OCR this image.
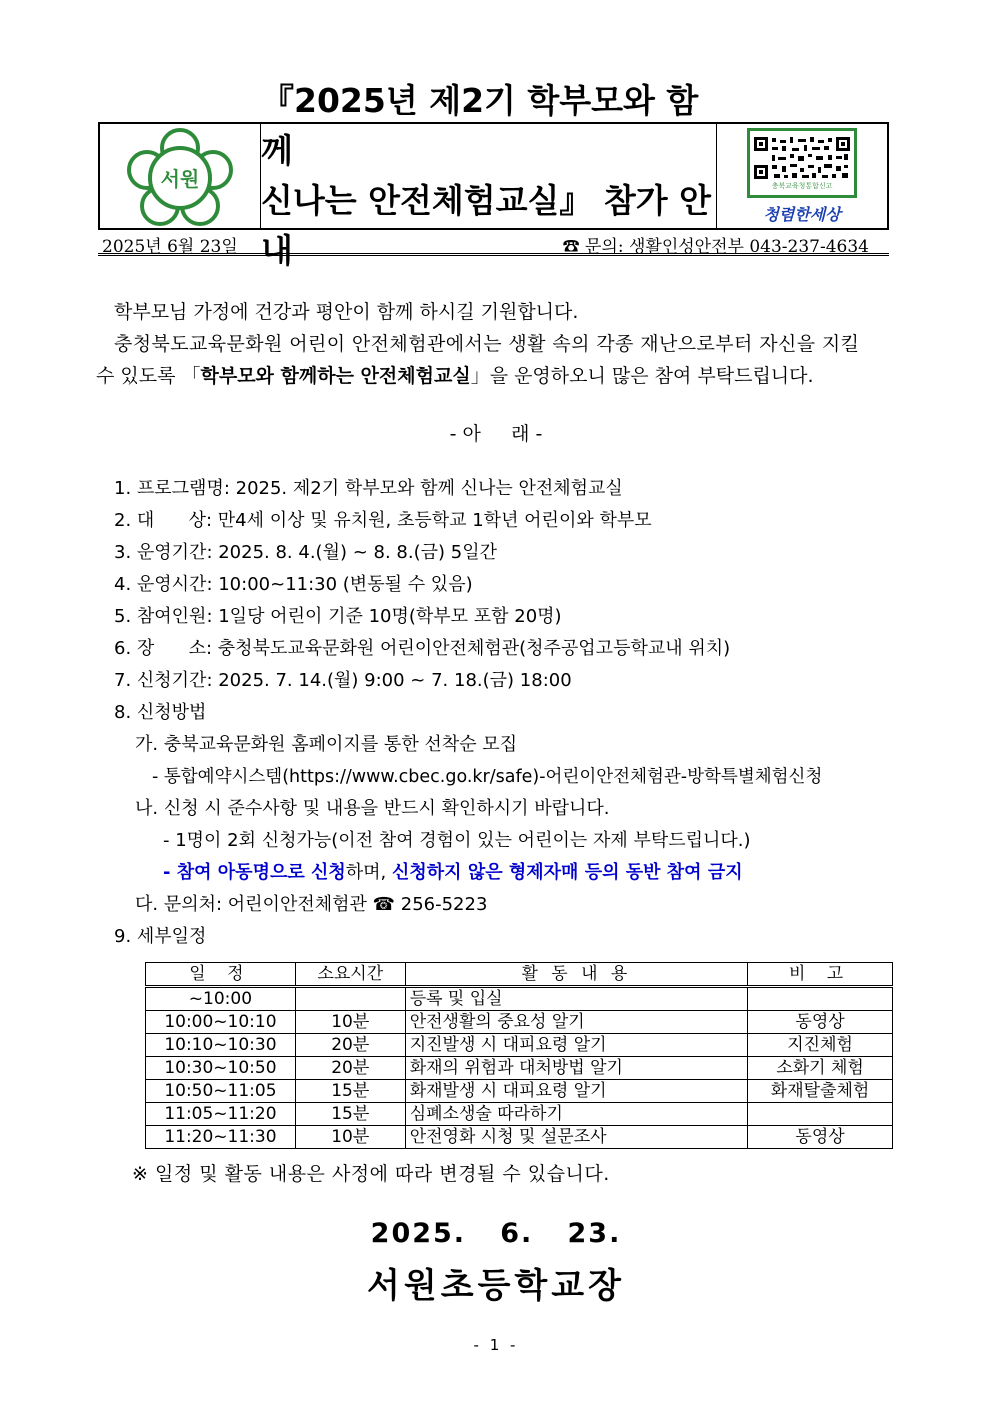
서원
『2025년 제2기 학부모와 함께
신나는 안전체험교실』 참가 안내
충북교육청통합신고
청렴한세상
2025년 6월 23일	☎ 문의: 생활인성안전부 043-237-4634
학부모님 가정에 건강과 평안이 함께 하시길 기원합니다.
충청북도교육문화원 어린이 안전체험관에서는 생활 속의 각종 재난으로부터 자신을 지킬
수 있도록 「학부모와 함께하는 안전체험교실」을 운영하오니 많은 참여 부탁드립니다.
- 아     래 -
1. 프로그램명: 2025. 제2기 학부모와 함께 신나는 안전체험교실
2. 대      상: 만4세 이상 및 유치원, 초등학교 1학년 어린이와 학부모
3. 운영기간: 2025. 8. 4.(월) ~ 8. 8.(금) 5일간
4. 운영시간: 10:00~11:30 (변동될 수 있음)
5. 참여인원: 1일당 어린이 기준 10명(학부모 포함 20명)
6. 장      소: 충청북도교육문화원 어린이안전체험관(청주공업고등학교내 위치)
7. 신청기간: 2025. 7. 14.(월) 9:00 ~ 7. 18.(금) 18:00
8. 신청방법
가. 충북교육문화원 홈페이지를 통한 선착순 모집
- 통합예약시스템(https://www.cbec.go.kr/safe)-어린이안전체험관-방학특별체험신청
나. 신청 시 준수사항 및 내용을 반드시 확인하시기 바랍니다.
- 1명이 2회 신청가능(이전 참여 경험이 있는 어린이는 자제 부탁드립니다.)
- 참여 아동명으로 신청하며, 신청하지 않은 형제자매 등의 동반 참여 금지
다. 문의처: 어린이안전체험관 ☎ 256-5223
9. 세부일정
일 정	소요시간	활 동 내 용	비 고
~10:00		등록 및 입실	
10:00~10:10	10분	안전생활의 중요성 알기	동영상
10:10~10:30	20분	지진발생 시 대피요령 알기	지진체험
10:30~10:50	20분	화재의 위험과 대처방법 알기	소화기 체험
10:50~11:05	15분	화재발생 시 대피요령 알기	화재탈출체험
11:05~11:20	15분	심폐소생술 따라하기	
11:20~11:30	10분	안전영화 시청 및 설문조사	동영상
※ 일정 및 활동 내용은 사정에 따라 변경될 수 있습니다.
2025.   6.   23.
서원초등학교장
- 1 -
